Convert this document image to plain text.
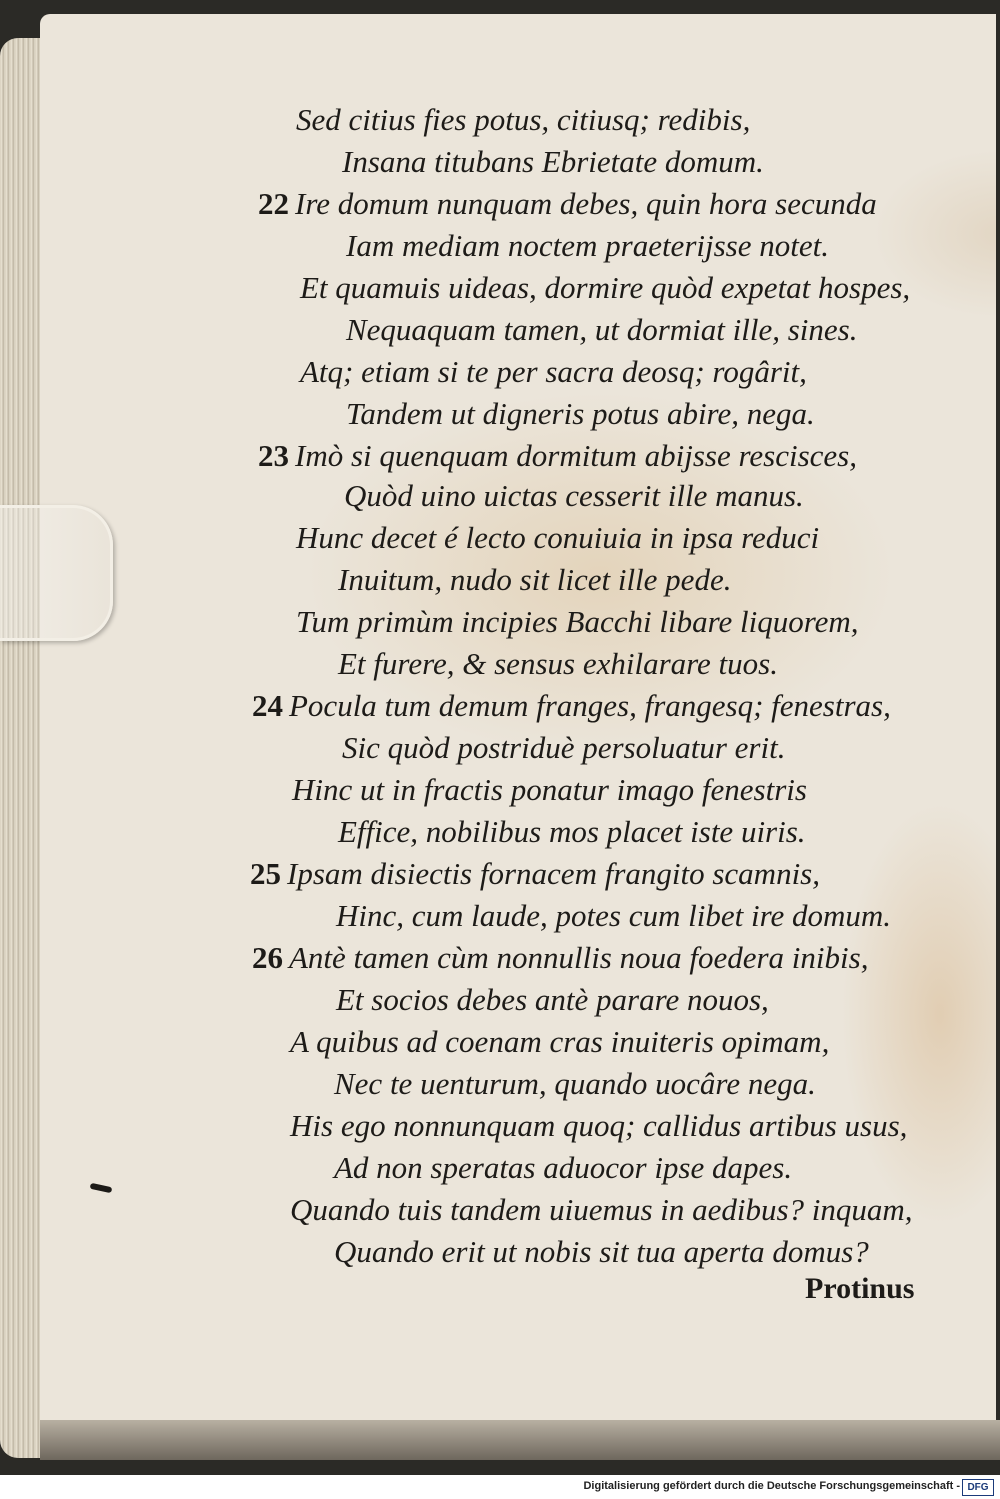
Sed citius fies potus, citiusq; redibis,
Insana titubans Ebrietate domum.
22 Ire domum nunquam debes, quin hora secunda
Iam mediam noctem praeterijsse notet.
Et quamuis uideas, dormire quòd expetat hospes,
Nequaquam tamen, ut dormiat ille, sines.
Atq; etiam si te per sacra deosq; rogârit,
Tandem ut digneris potus abire, nega.
23 Imò si quenquam dormitum abijsse rescisces,
Quòd uino uictas cesserit ille manus.
Hunc decet é lecto conuiuia in ipsa reduci
Inuitum, nudo sit licet ille pede.
Tum primùm incipies Bacchi libare liquorem,
Et furere, & sensus exhilarare tuos.
24 Pocula tum demum franges, frangesq; fenestras,
Sic quòd postriduè persoluatur erit.
Hinc ut in fractis ponatur imago fenestris
Effice, nobilibus mos placet iste uiris.
25 Ipsam disiectis fornacem frangito scamnis,
Hinc, cum laude, potes cum libet ire domum.
26 Antè tamen cùm nonnullis noua foedera inibis,
Et socios debes antè parare nouos,
A quibus ad coenam cras inuiteris opimam,
Nec te uenturum, quando uocâre nega.
His ego nonnunquam quoq; callidus artibus usus,
Ad non speratas aduocor ipse dapes.
Quando tuis tandem uiuemus in aedibus? inquam,
Quando erit ut nobis sit tua aperta domus?
Protinus
Digitalisierung gefördert durch die Deutsche Forschungsgemeinschaft - DFG
